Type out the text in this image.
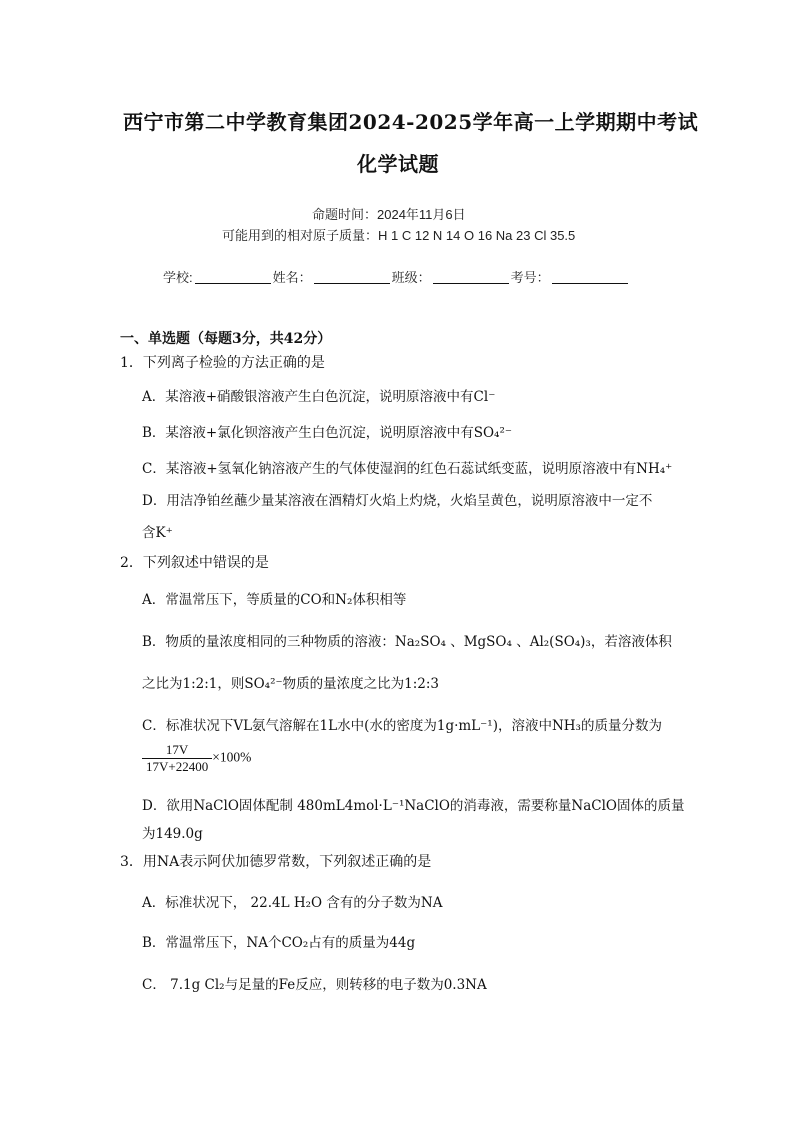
西宁市第二中学教育集团2024-2025学年高一上学期期中考试
化学试题
命题时间：2024年11月6日
可能用到的相对原子质量：H 1 C 12 N 14 O 16 Na 23 Cl 35.5
学校:	姓名：	班级：	考号：
一、单选题（每题3分，共42分）
1．下列离子检验的方法正确的是
A．某溶液+硝酸银溶液产生白色沉淀，说明原溶液中有Cl⁻
B．某溶液+氯化钡溶液产生白色沉淀，说明原溶液中有SO₄²⁻
C．某溶液+氢氧化钠溶液产生的气体使湿润的红色石蕊试纸变蓝，说明原溶液中有NH₄⁺
D．用洁净铂丝蘸少量某溶液在酒精灯火焰上灼烧，火焰呈黄色，说明原溶液中一定不
含K⁺
2．下列叙述中错误的是
A．常温常压下，等质量的CO和N₂体积相等
B．物质的量浓度相同的三种物质的溶液：Na₂SO₄ 、MgSO₄ 、Al₂(SO₄)₃，若溶液体积
之比为1:2:1，则SO₄²⁻物质的量浓度之比为1:2:3
C．标准状况下VL氨气溶解在1L水中(水的密度为1g·mL⁻¹)，溶液中NH₃的质量分数为
$\frac{17V}{17V+22400} \times 100\%$
D．欲用NaClO固体配制 480mL4mol·L⁻¹NaClO的消毒液，需要称量NaClO固体的质量
为149.0g
3．用NA表示阿伏加德罗常数，下列叙述正确的是
A．标准状况下， 22.4L H₂O 含有的分子数为NA
B．常温常压下，NA个CO₂占有的质量为44g
C． 7.1g Cl₂与足量的Fe反应，则转移的电子数为0.3NA
